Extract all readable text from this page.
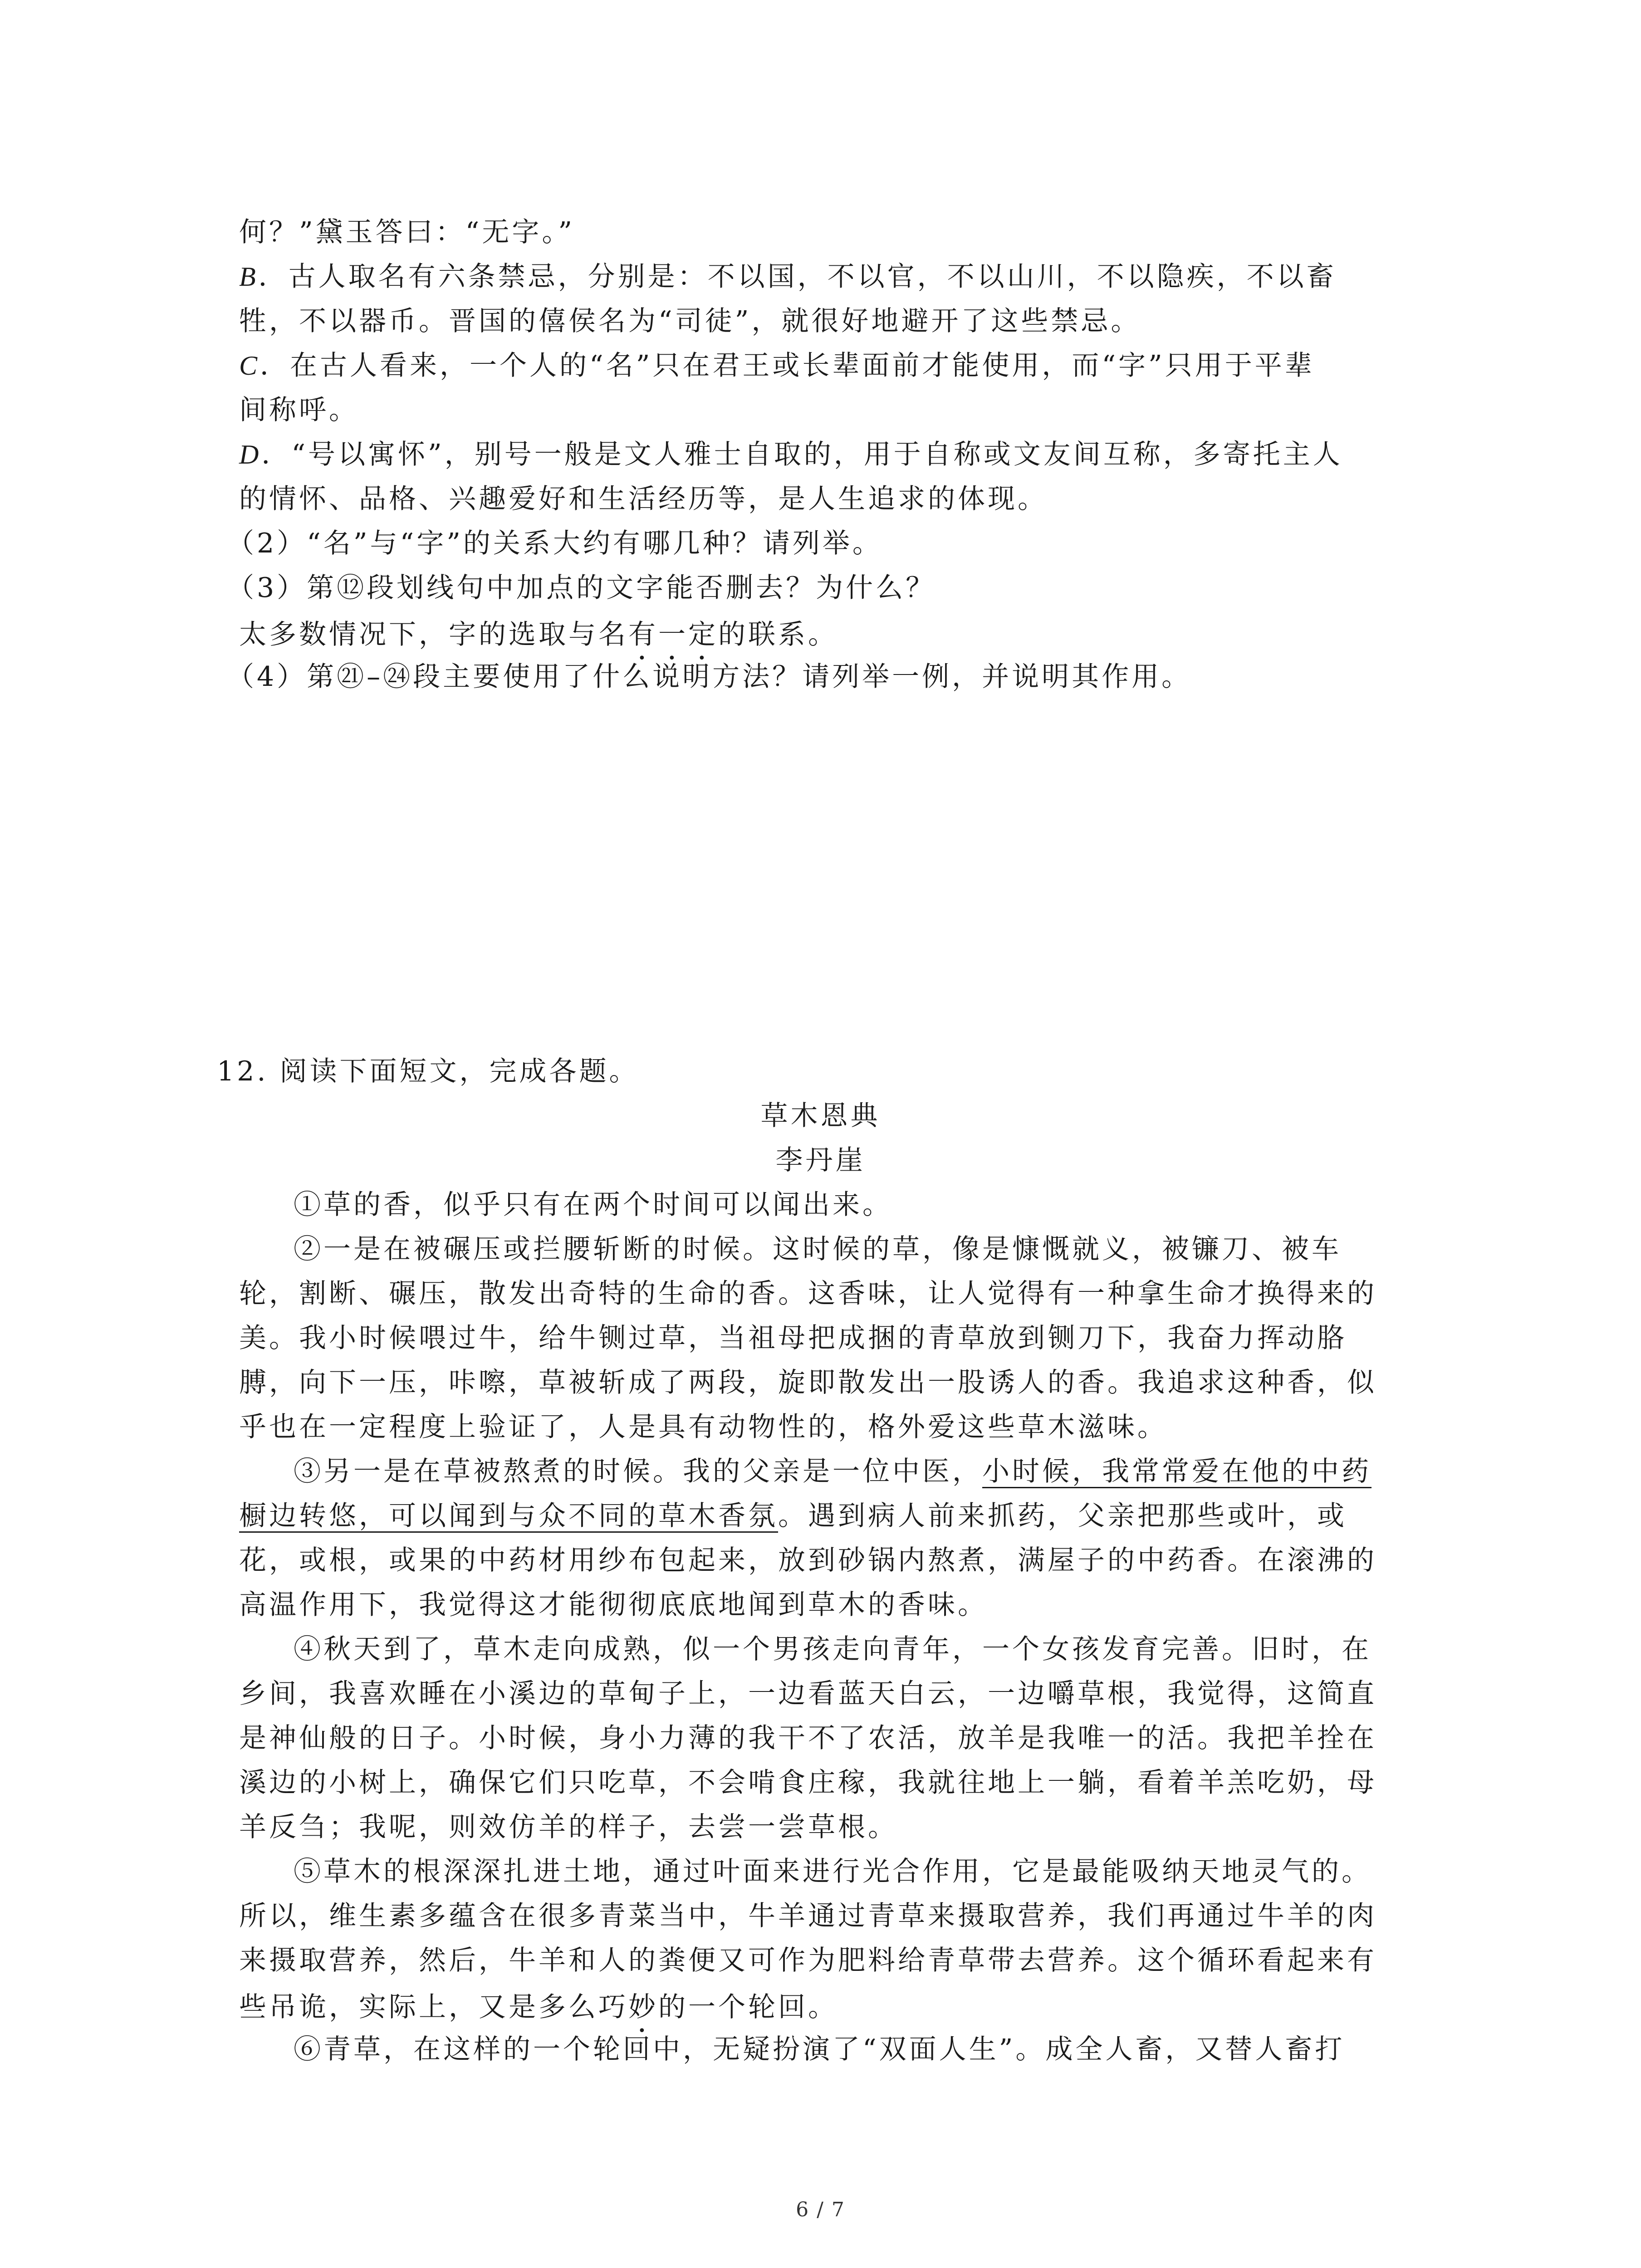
何？”黛玉答曰：“无字。”
B．古人取名有六条禁忌，分别是：不以国，不以官，不以山川，不以隐疾，不以畜
牲，不以器币。晋国的僖侯名为“司徒”，就很好地避开了这些禁忌。
C．在古人看来，一个人的“名”只在君王或长辈面前才能使用，而“字”只用于平辈
间称呼。
D．“号以寓怀”，别号一般是文人雅士自取的，用于自称或文友间互称，多寄托主人
的情怀、品格、兴趣爱好和生活经历等，是人生追求的体现。
（2）“名”与“字”的关系大约有哪几种？请列举。
（3）第⑫段划线句中加点的文字能否删去？为什么？
太多数情况下，字的选取与名有一定的联系。
（4）第㉑–㉔段主要使用了什么说明方法？请列举一例，并说明其作用。
12. 阅读下面短文，完成各题。
草木恩典
李丹崖
①草的香，似乎只有在两个时间可以闻出来。
②一是在被碾压或拦腰斩断的时候。这时候的草，像是慷慨就义，被镰刀、被车
轮，割断、碾压，散发出奇特的生命的香。这香味，让人觉得有一种拿生命才换得来的
美。我小时候喂过牛，给牛铡过草，当祖母把成捆的青草放到铡刀下，我奋力挥动胳
膊，向下一压，咔嚓，草被斩成了两段，旋即散发出一股诱人的香。我追求这种香，似
乎也在一定程度上验证了，人是具有动物性的，格外爱这些草木滋味。
③另一是在草被熬煮的时候。我的父亲是一位中医，小时候，我常常爱在他的中药
橱边转悠，可以闻到与众不同的草木香氛。遇到病人前来抓药，父亲把那些或叶，或
花，或根，或果的中药材用纱布包起来，放到砂锅内熬煮，满屋子的中药香。在滚沸的
高温作用下，我觉得这才能彻彻底底地闻到草木的香味。
④秋天到了，草木走向成熟，似一个男孩走向青年，一个女孩发育完善。旧时，在
乡间，我喜欢睡在小溪边的草甸子上，一边看蓝天白云，一边嚼草根，我觉得，这简直
是神仙般的日子。小时候，身小力薄的我干不了农活，放羊是我唯一的活。我把羊拴在
溪边的小树上，确保它们只吃草，不会啃食庄稼，我就往地上一躺，看着羊羔吃奶，母
羊反刍；我呢，则效仿羊的样子，去尝一尝草根。
⑤草木的根深深扎进土地，通过叶面来进行光合作用，它是最能吸纳天地灵气的。
所以，维生素多蕴含在很多青菜当中，牛羊通过青草来摄取营养，我们再通过牛羊的肉
来摄取营养，然后，牛羊和人的粪便又可作为肥料给青草带去营养。这个循环看起来有
些吊诡，实际上，又是多么巧妙的一个轮回。
⑥青草，在这样的一个轮回中，无疑扮演了“双面人生”。成全人畜，又替人畜打
6 / 7
